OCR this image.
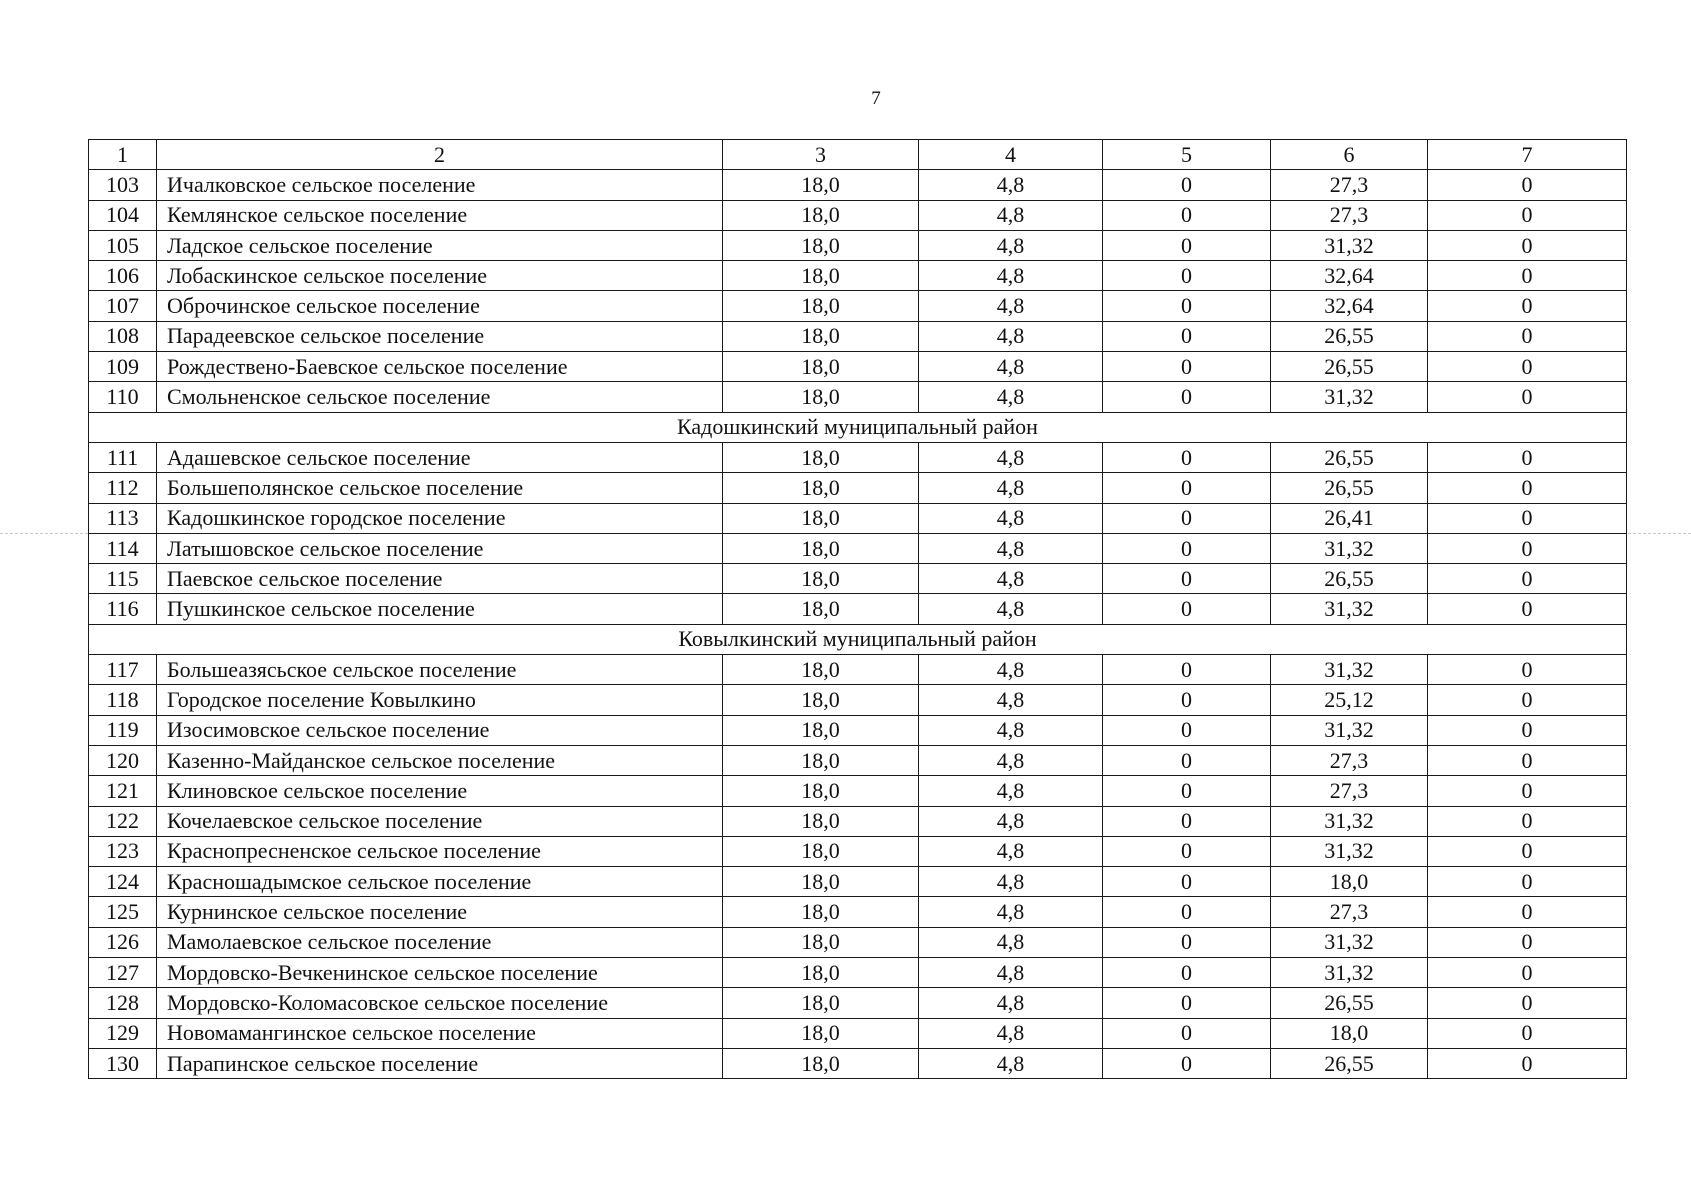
7
1	2	3	4	5	6	7
103	Ичалковское сельское поселение	18,0	4,8	0	27,3	0
104	Кемлянское сельское поселение	18,0	4,8	0	27,3	0
105	Ладское сельское поселение	18,0	4,8	0	31,32	0
106	Лобаскинское сельское поселение	18,0	4,8	0	32,64	0
107	Оброчинское сельское поселение	18,0	4,8	0	32,64	0
108	Парадеевское сельское поселение	18,0	4,8	0	26,55	0
109	Рождествено-Баевское сельское поселение	18,0	4,8	0	26,55	0
110	Смольненское сельское поселение	18,0	4,8	0	31,32	0
Кадошкинский муниципальный район						
111	Адашевское сельское поселение	18,0	4,8	0	26,55	0
112	Большеполянское сельское поселение	18,0	4,8	0	26,55	0
113	Кадошкинское городское поселение	18,0	4,8	0	26,41	0
114	Латышовское сельское поселение	18,0	4,8	0	31,32	0
115	Паевское сельское поселение	18,0	4,8	0	26,55	0
116	Пушкинское сельское поселение	18,0	4,8	0	31,32	0
Ковылкинский муниципальный район						
117	Большеазясьское сельское поселение	18,0	4,8	0	31,32	0
118	Городское поселение Ковылкино	18,0	4,8	0	25,12	0
119	Изосимовское сельское поселение	18,0	4,8	0	31,32	0
120	Казенно-Майданское сельское поселение	18,0	4,8	0	27,3	0
121	Клиновское сельское поселение	18,0	4,8	0	27,3	0
122	Кочелаевское сельское поселение	18,0	4,8	0	31,32	0
123	Краснопресненское сельское поселение	18,0	4,8	0	31,32	0
124	Красношадымское сельское поселение	18,0	4,8	0	18,0	0
125	Курнинское сельское поселение	18,0	4,8	0	27,3	0
126	Мамолаевское сельское поселение	18,0	4,8	0	31,32	0
127	Мордовско-Вечкенинское сельское поселение	18,0	4,8	0	31,32	0
128	Мордовско-Коломасовское сельское поселение	18,0	4,8	0	26,55	0
129	Новомамангинское сельское поселение	18,0	4,8	0	18,0	0
130	Парапинское сельское поселение	18,0	4,8	0	26,55	0
